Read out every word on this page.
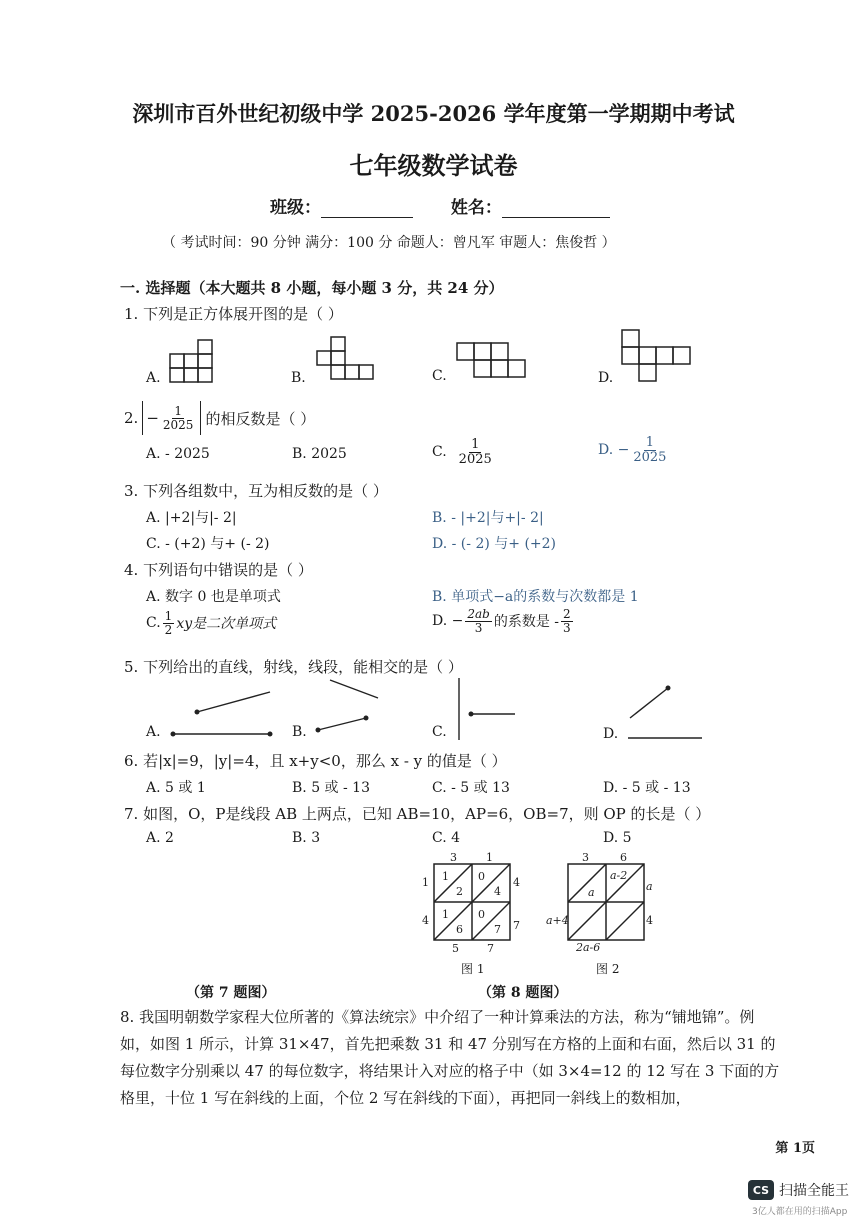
深圳市百外世纪初级中学 2025-2026 学年度第一学期期中考试
七年级数学试卷
班级：	姓名：
（ 考试时间：90 分钟 满分：100 分 命题人：曾凡军 审题人：焦俊哲 ）
一. 选择题（本大题共 8 小题，每小题 3 分，共 24 分）
1. 下列是正方体展开图的是（ ）
A.	B.	C.	D.
2. − $\frac{1}{2025}$ 的相反数是（ ）
A. - 2025	B. 2025	C. $\frac{1}{2025}$	D. − $\frac{1}{2025}$
3. 下列各组数中，互为相反数的是（ ）
A. |+2|与|- 2|	B. - |+2|与+|- 2|
C. - (+2) 与+ (- 2)	D. - (- 2) 与+ (+2)
4. 下列语句中错误的是（ ）
A. 数字 0 也是单项式	B. 单项式−a的系数与次数都是 1
C. $\frac{1}{2}$ xy是二次单项式	D. − $\frac{2ab}{3}$ 的系数是 - $\frac{2}{3}$
5. 下列给出的直线，射线，线段，能相交的是（ ）
A.	B.	C.	D.
6. 若|x|=9，|y|=4，且 x+y<0，那么 x - y 的值是（ ）
A. 5 或 1	B. 5 或 - 13	C. - 5 或 13	D. - 5 或 - 13
7. 如图，O，P是线段 AB 上两点，已知 AB=10，AP=6，OB=7，则 OP 的长是（ ）
A. 2	B. 3	C. 4	D. 5
3	1
1
4
4
7
5	7
1
2
0
4
1
6
0
7
图 1
3	6
a+4
a
4
2a-6
a
a-2
图 2
（第 7 题图）	（第 8 题图）
8. 我国明朝数学家程大位所著的《算法统宗》中介绍了一种计算乘法的方法，称为“铺地锦”。例如，如图 1 所示，计算 31×47，首先把乘数 31 和 47 分别写在方格的上面和右面，然后以 31 的每位数字分别乘以 47 的每位数字，将结果计入对应的格子中（如 3×4=12 的 12 写在 3 下面的方格里，十位 1 写在斜线的上面，个位 2 写在斜线的下面），再把同一斜线上的数相加，
第 1页
CS 扫描全能王
3亿人都在用的扫描App
